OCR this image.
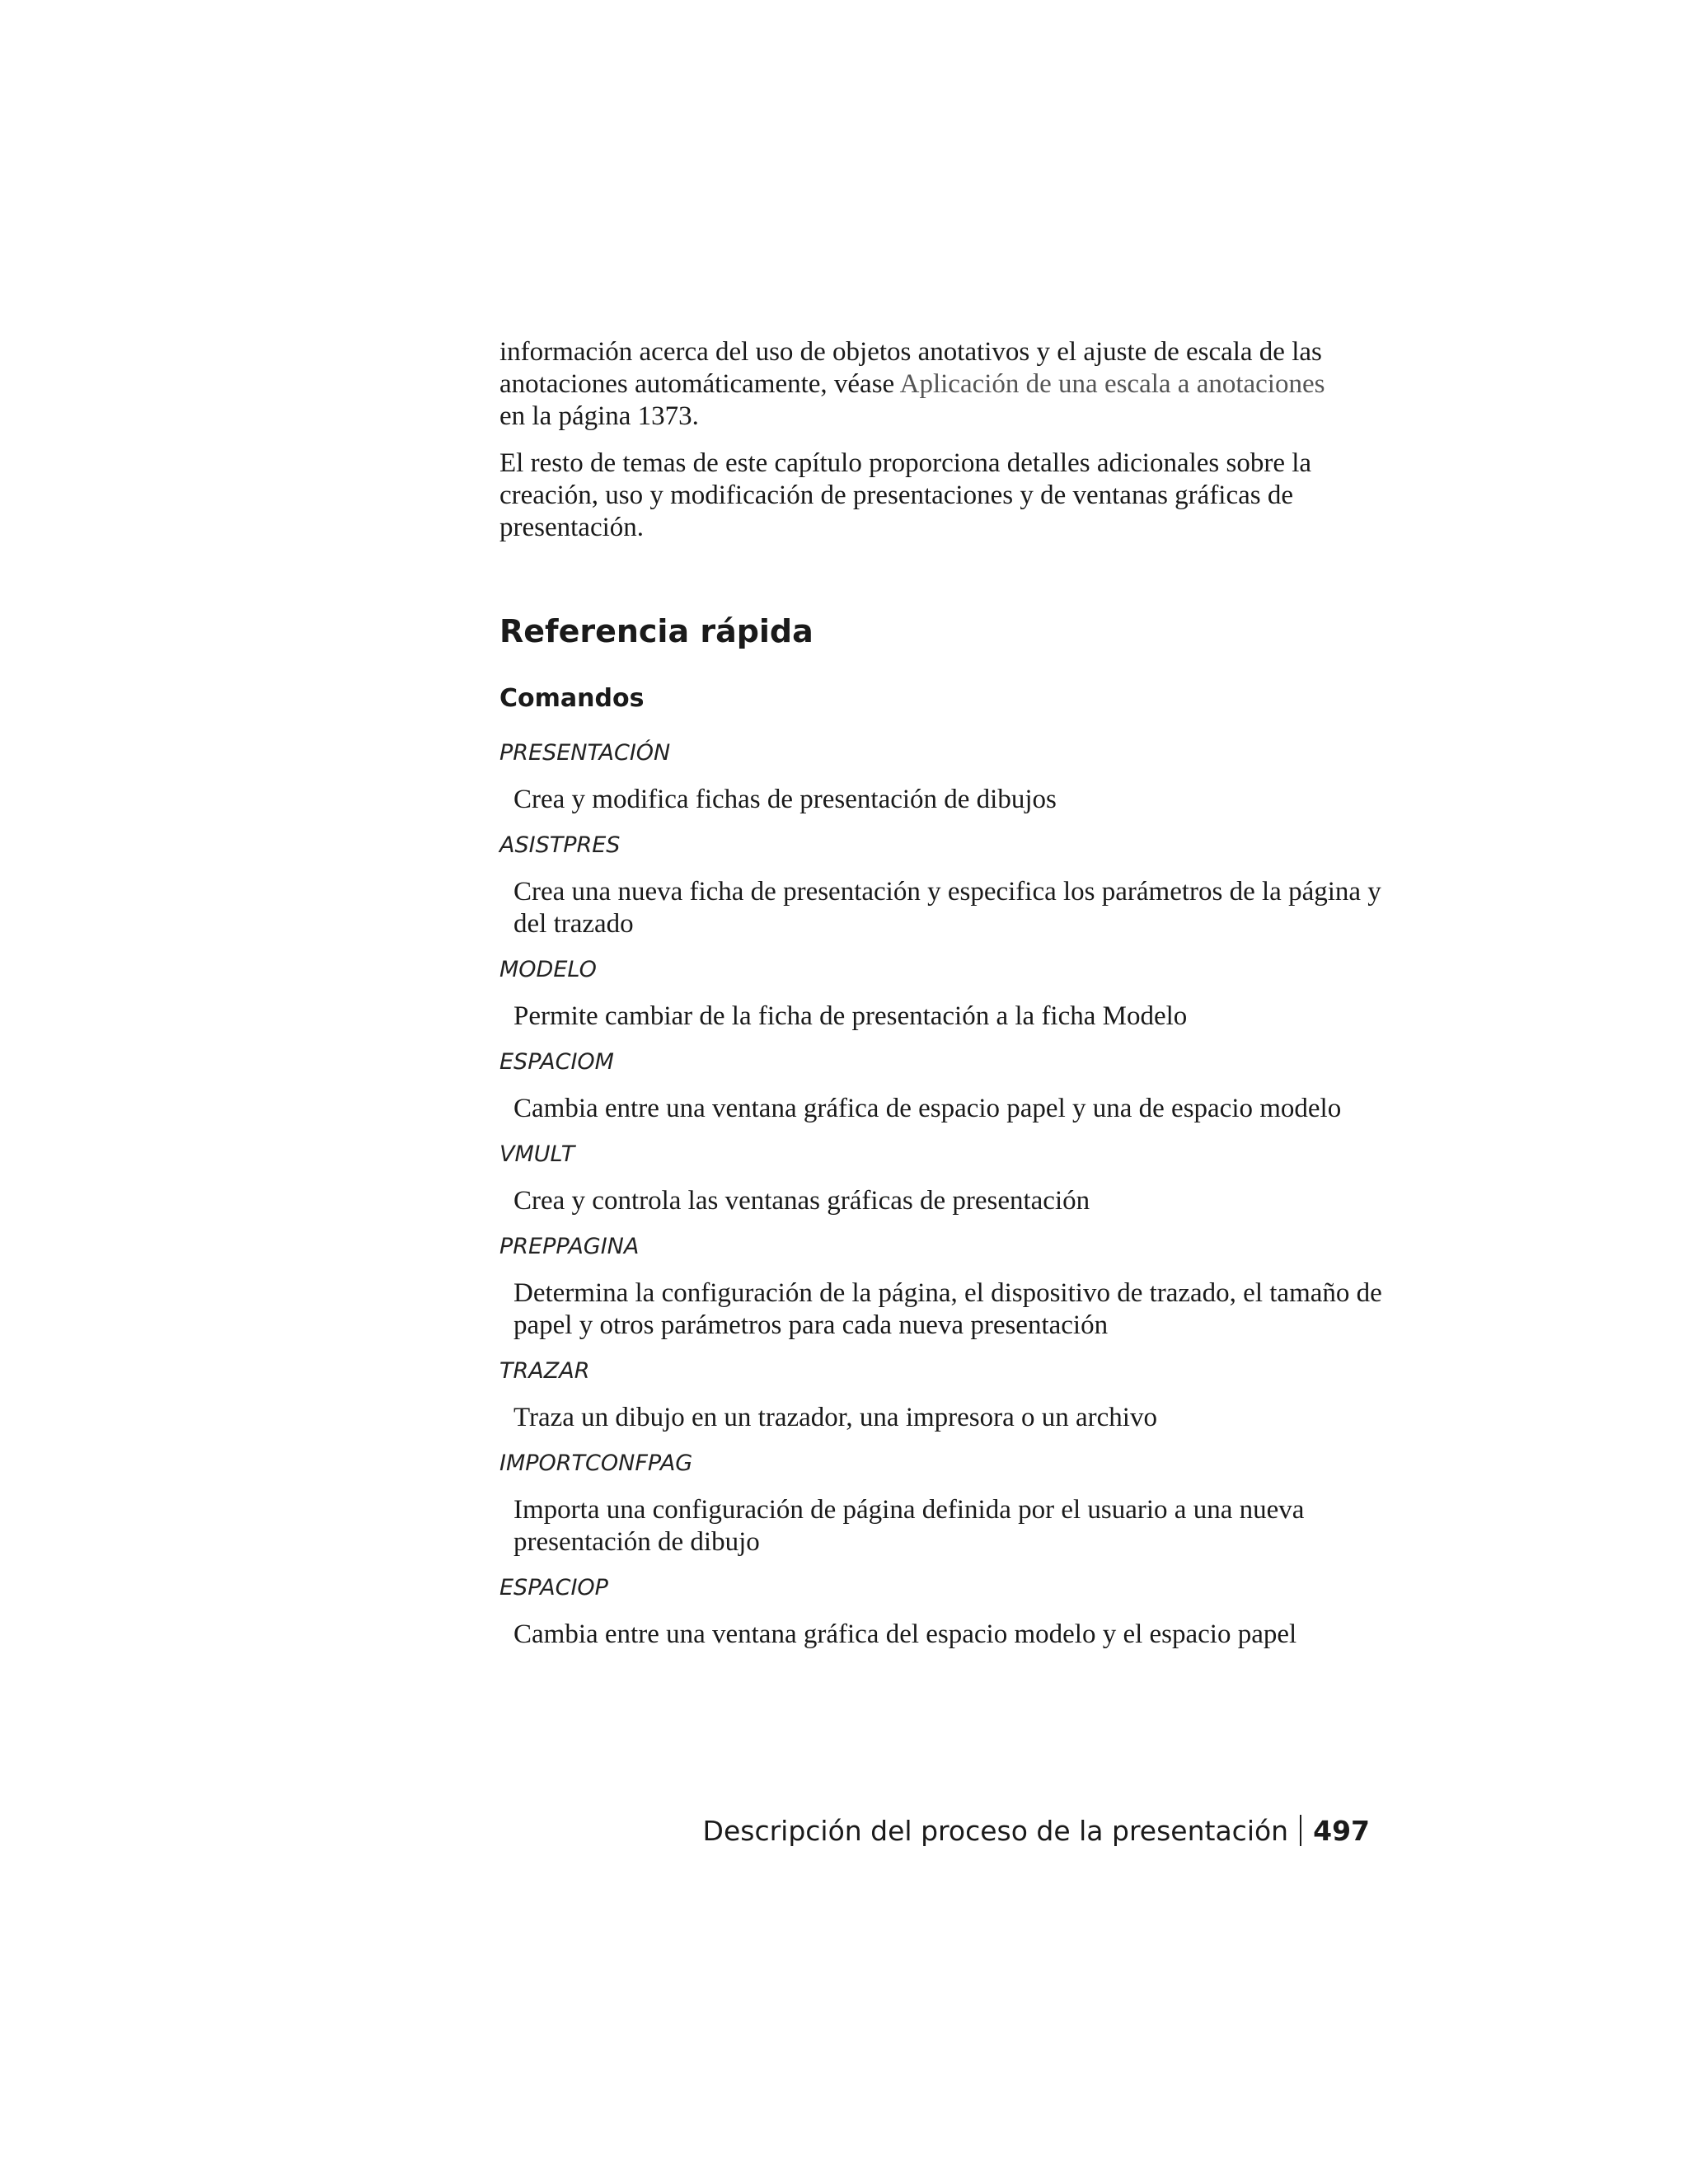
información acerca del uso de objetos anotativos y el ajuste de escala de las anotaciones automáticamente, véase Aplicación de una escala a anotaciones
en la página 1373.

El resto de temas de este capítulo proporciona detalles adicionales sobre la creación, uso y modificación de presentaciones y de ventanas gráficas de presentación.

Referencia rápida
Comandos

PRESENTACIÓN

Crea y modifica fichas de presentación de dibujos

ASISTPRES

Crea una nueva ficha de presentación y especifica los parámetros de la página y del trazado

MODELO

Permite cambiar de la ficha de presentación a la ficha Modelo

ESPACIOM

Cambia entre una ventana gráfica de espacio papel y una de espacio modelo

VMULT

Crea y controla las ventanas gráficas de presentación

PREPPAGINA

Determina la configuración de la página, el dispositivo de trazado, el tamaño de papel y otros parámetros para cada nueva presentación

TRAZAR

Traza un dibujo en un trazador, una impresora o un archivo

IMPORTCONFPAG

Importa una configuración de página definida por el usuario a una nueva presentación de dibujo

ESPACIOP

Cambia entre una ventana gráfica del espacio modelo y el espacio papel

Descripción del proceso de la presentación 497
